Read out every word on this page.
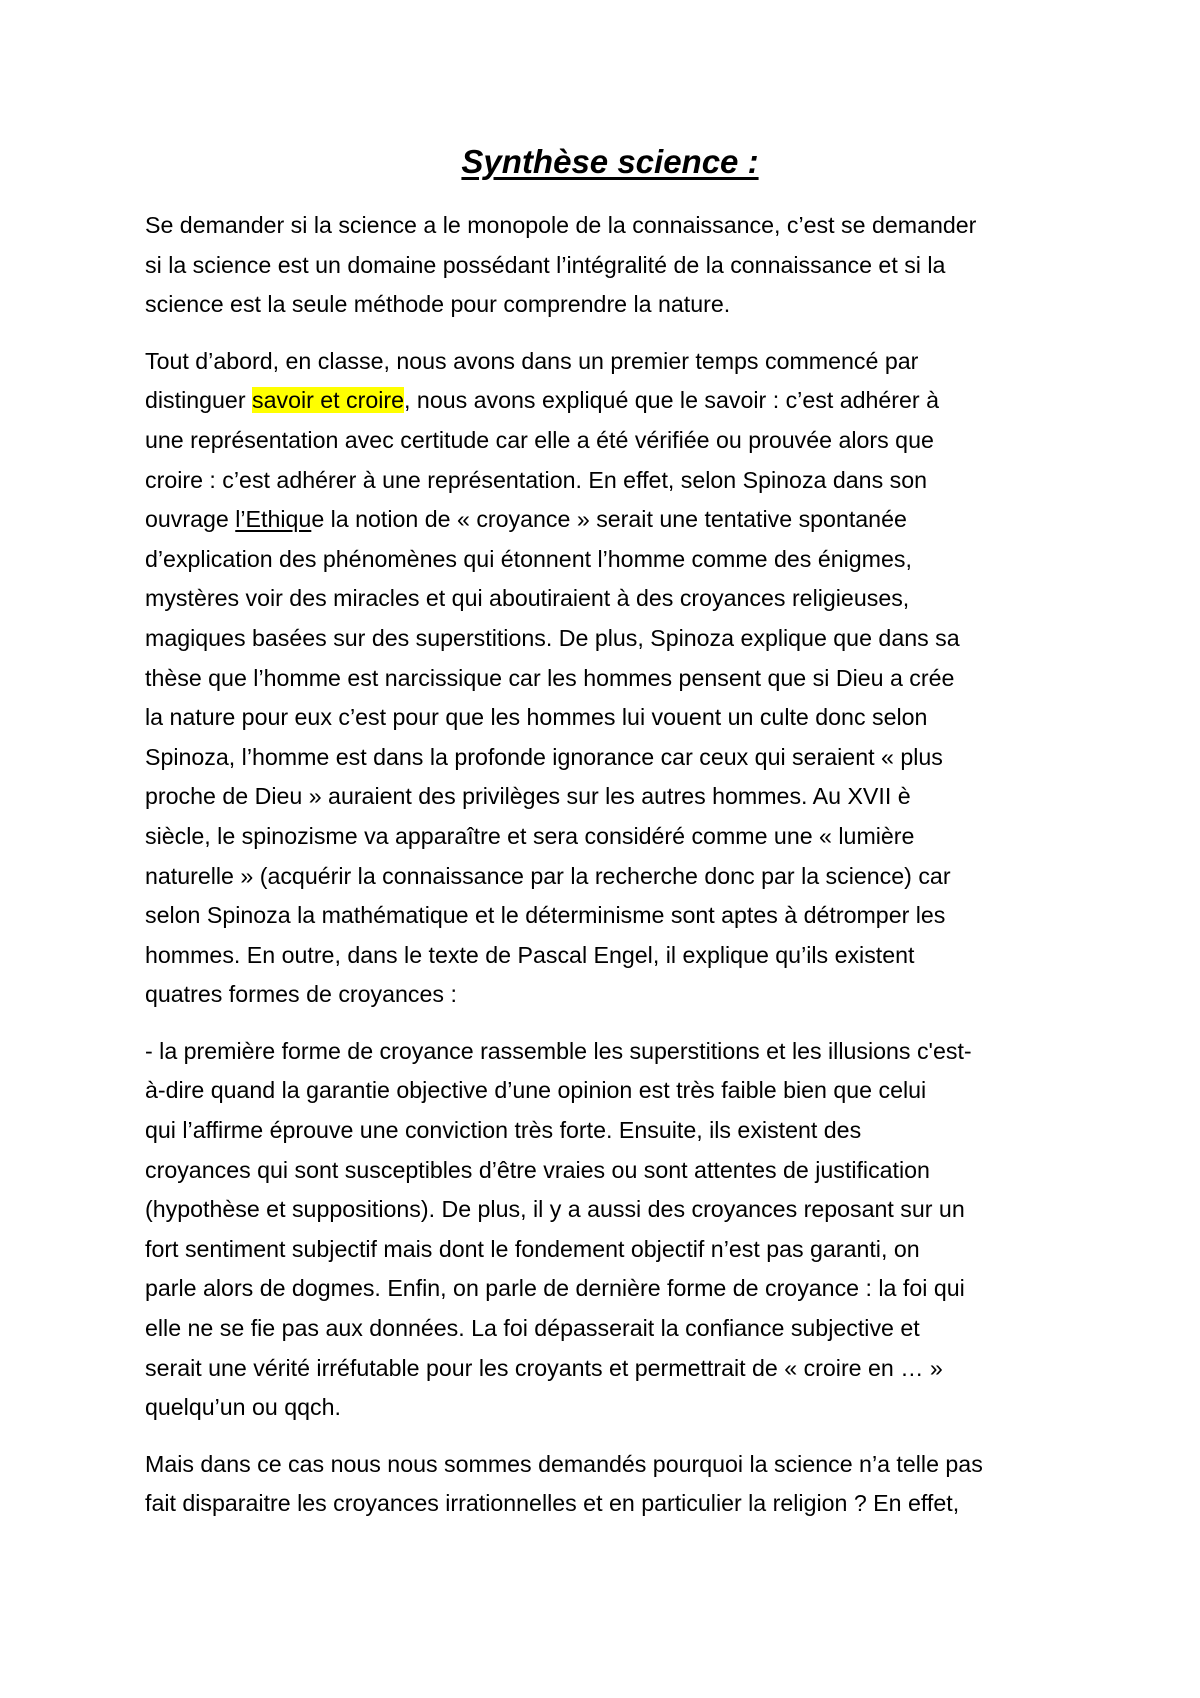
Synthèse science :
Se demander si la science a le monopole de la connaissance, c’est se demander
si la science est un domaine possédant l’intégralité de la connaissance et si la
science est la seule méthode pour comprendre la nature.
Tout d’abord, en classe, nous avons dans un premier temps commencé par
distinguer savoir et croire, nous avons expliqué que le savoir : c’est adhérer à
une représentation avec certitude car elle a été vérifiée ou prouvée alors que
croire : c’est adhérer à une représentation. En effet, selon Spinoza dans son
ouvrage l’Ethique la notion de « croyance » serait une tentative spontanée
d’explication des phénomènes qui étonnent l’homme comme des énigmes,
mystères voir des miracles et qui aboutiraient à des croyances religieuses,
magiques basées sur des superstitions. De plus, Spinoza explique que dans sa
thèse que l’homme est narcissique car les hommes pensent que si Dieu a crée
la nature pour eux c’est pour que les hommes lui vouent un culte donc selon
Spinoza, l’homme est dans la profonde ignorance car ceux qui seraient « plus
proche de Dieu » auraient des privilèges sur les autres hommes. Au XVII è
siècle, le spinozisme va apparaître et sera considéré comme une « lumière
naturelle » (acquérir la connaissance par la recherche donc par la science) car
selon Spinoza la mathématique et le déterminisme sont aptes à détromper les
hommes. En outre, dans le texte de Pascal Engel, il explique qu’ils existent
quatres formes de croyances :
- la première forme de croyance rassemble les superstitions et les illusions c'est-
à-dire quand la garantie objective d’une opinion est très faible bien que celui
qui l’affirme éprouve une conviction très forte. Ensuite, ils existent des
croyances qui sont susceptibles d’être vraies ou sont attentes de justification
(hypothèse et suppositions). De plus, il y a aussi des croyances reposant sur un
fort sentiment subjectif mais dont le fondement objectif n’est pas garanti, on
parle alors de dogmes. Enfin, on parle de dernière forme de croyance : la foi qui
elle ne se fie pas aux données. La foi dépasserait la confiance subjective et
serait une vérité irréfutable pour les croyants et permettrait de « croire en … »
quelqu’un ou qqch.
Mais dans ce cas nous nous sommes demandés pourquoi la science n’a telle pas
fait disparaitre les croyances irrationnelles et en particulier la religion ? En effet,
